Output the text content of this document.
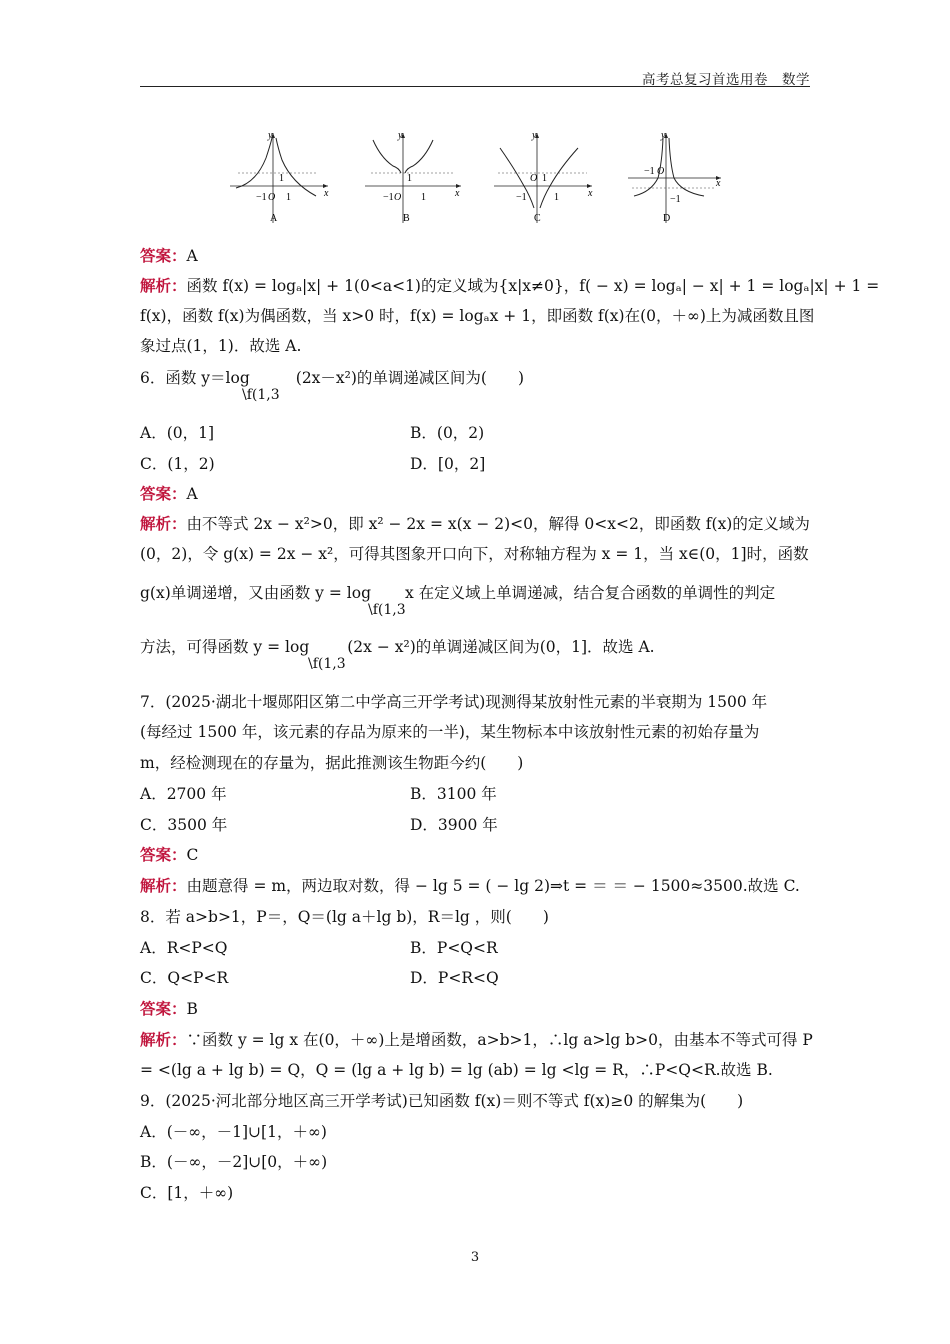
高考总复习首选用卷　数学
y
x
−1 O 1
1
A
y
x
−1 O 1
1
B
y
x
−1
O 1
1
C
y
x
−1 O
−1
D
答案：A
解析：函数 f(x) = logₐ|x| + 1(0<a<1)的定义域为{x|x≠0}，f( − x) = logₐ| − x| + 1 = logₐ|x| + 1 =
f(x)，函数 f(x)为偶函数，当 x>0 时，f(x) = logₐx + 1，即函数 f(x)在(0，＋∞)上为减函数且图
象过点(1，1)．故选 A.
6．函数 y＝log	(2x－x²)的单调递减区间为(　　)
\f(1,3
A．(0，1]	B．(0，2)
C．(1，2)	D．[0，2]
答案：A
解析：由不等式 2x − x²>0，即 x² − 2x = x(x − 2)<0，解得 0<x<2，即函数 f(x)的定义域为
(0，2)，令 g(x) = 2x − x²，可得其图象开口向下，对称轴方程为 x = 1，当 x∈(0，1]时，函数
g(x)单调递增，又由函数 y = log x 在定义域上单调递减，结合复合函数的单调性的判定
\f(1,3
方法，可得函数 y = log (2x − x²)的单调递减区间为(0，1]．故选 A.
\f(1,3
7．(2025·湖北十堰郧阳区第二中学高三开学考试)现测得某放射性元素的半衰期为 1500 年
(每经过 1500 年，该元素的存品为原来的一半)，某生物标本中该放射性元素的初始存量为
m，经检测现在的存量为，据此推测该生物距今约(　　)
A．2700 年	B．3100 年
C．3500 年	D．3900 年
答案：C
解析：由题意得 = m，两边取对数，得 − lg 5 = ( − lg 2)⇒t = ＝ ＝ − 1500≈3500.故选 C.
8．若 a>b>1，P＝，Q＝(lg a＋lg b)，R＝lg ，则(　　)
A．R<P<Q	B．P<Q<R
C．Q<P<R	D．P<R<Q
答案：B
解析：∵函数 y = lg x 在(0，＋∞)上是增函数，a>b>1，∴lg a>lg b>0，由基本不等式可得 P
= <(lg a + lg b) = Q，Q = (lg a + lg b) = lg (ab) = lg <lg = R，∴P<Q<R.故选 B.
9．(2025·河北部分地区高三开学考试)已知函数 f(x)＝则不等式 f(x)≥0 的解集为(　　)
A．(－∞，－1]∪[1，＋∞)
B．(－∞，－2]∪[0，＋∞)
C．[1，＋∞)
3
